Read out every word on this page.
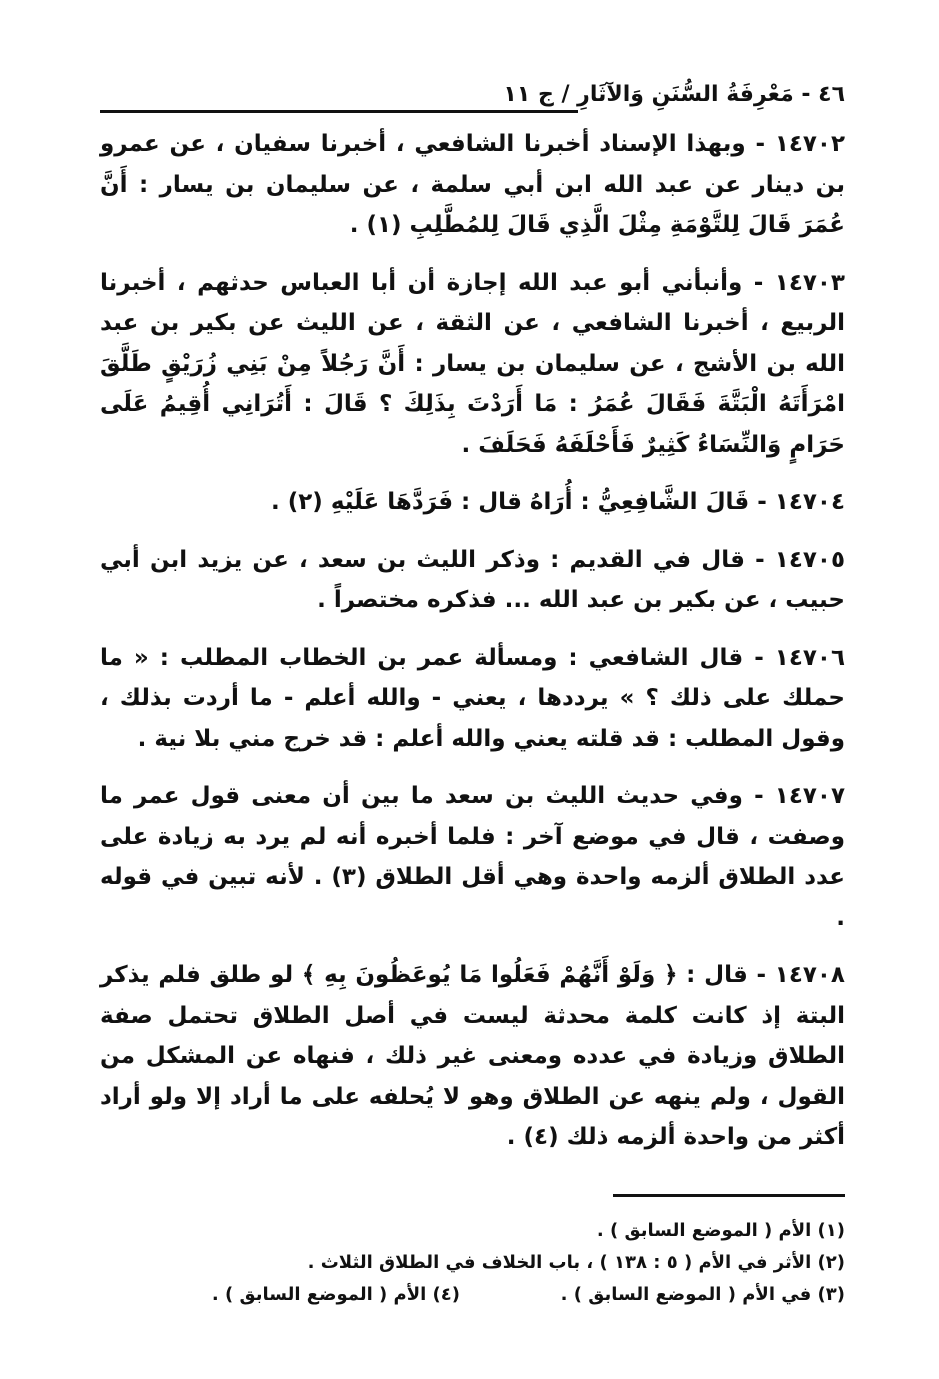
٤٦ - مَعْرِفَةُ السُّنَنِ وَالآثَارِ / ج ١١

١٤٧٠٢ - وبهذا الإسناد أخبرنا الشافعي ، أخبرنا سفيان ، عن عمرو بن دينار عن عبد الله ابن أبي سلمة ، عن سليمان بن يسار : أَنَّ عُمَرَ قَالَ لِلتَّوْمَةِ مِثْلَ الَّذِي قَالَ لِلمُطَّلِبِ (١) .

١٤٧٠٣ - وأنبأني أبو عبد الله إجازة أن أبا العباس حدثهم ، أخبرنا الربيع ، أخبرنا الشافعي ، عن الثقة ، عن الليث عن بكير بن عبد الله بن الأشج ، عن سليمان بن يسار : أَنَّ رَجُلاً مِنْ بَنِي زُرَيْقٍ طَلَّقَ امْرَأَتَهُ الْبَتَّةَ فَقَالَ عُمَرُ : مَا أَرَدْتَ بِذَلِكَ ؟ قَالَ : أَتُرَانِي أُقِيمُ عَلَى حَرَامٍ وَالنِّسَاءُ كَثِيرٌ فَأَحْلَفَهُ فَحَلَفَ .

١٤٧٠٤ - قَالَ الشَّافِعِيُّ : أُرَاهُ قال : فَرَدَّهَا عَلَيْهِ (٢) .

١٤٧٠٥ - قال في القديم : وذكر الليث بن سعد ، عن يزيد ابن أبي حبيب ، عن بكير بن عبد الله ... فذكره مختصراً .

١٤٧٠٦ - قال الشافعي : ومسألة عمر بن الخطاب المطلب : « ما حملك على ذلك ؟ » يرددها ، يعني - والله أعلم - ما أردت بذلك ، وقول المطلب : قد قلته يعني والله أعلم : قد خرج مني بلا نية .

١٤٧٠٧ - وفي حديث الليث بن سعد ما بين أن معنى قول عمر ما وصفت ، قال في موضع آخر : فلما أخبره أنه لم يرد به زيادة على عدد الطلاق ألزمه واحدة وهي أقل الطلاق (٣) . لأنه تبين في قوله .

١٤٧٠٨ - قال : ﴿ وَلَوْ أَنَّهُمْ فَعَلُوا مَا يُوعَظُونَ بِهِ ﴾ لو طلق فلم يذكر البتة إذ كانت كلمة محدثة ليست في أصل الطلاق تحتمل صفة الطلاق وزيادة في عدده ومعنى غير ذلك ، فنهاه عن المشكل من القول ، ولم ينهه عن الطلاق وهو لا يُحلفه على ما أراد إلا ولو أراد أكثر من واحدة ألزمه ذلك (٤) .

(١) الأم ( الموضع السابق ) .
(٢) الأثر في الأم ( ٥ : ١٣٨ ) ، باب الخلاف في الطلاق الثلاث .
(٣) في الأم ( الموضع السابق ) .
(٤) الأم ( الموضع السابق ) .
